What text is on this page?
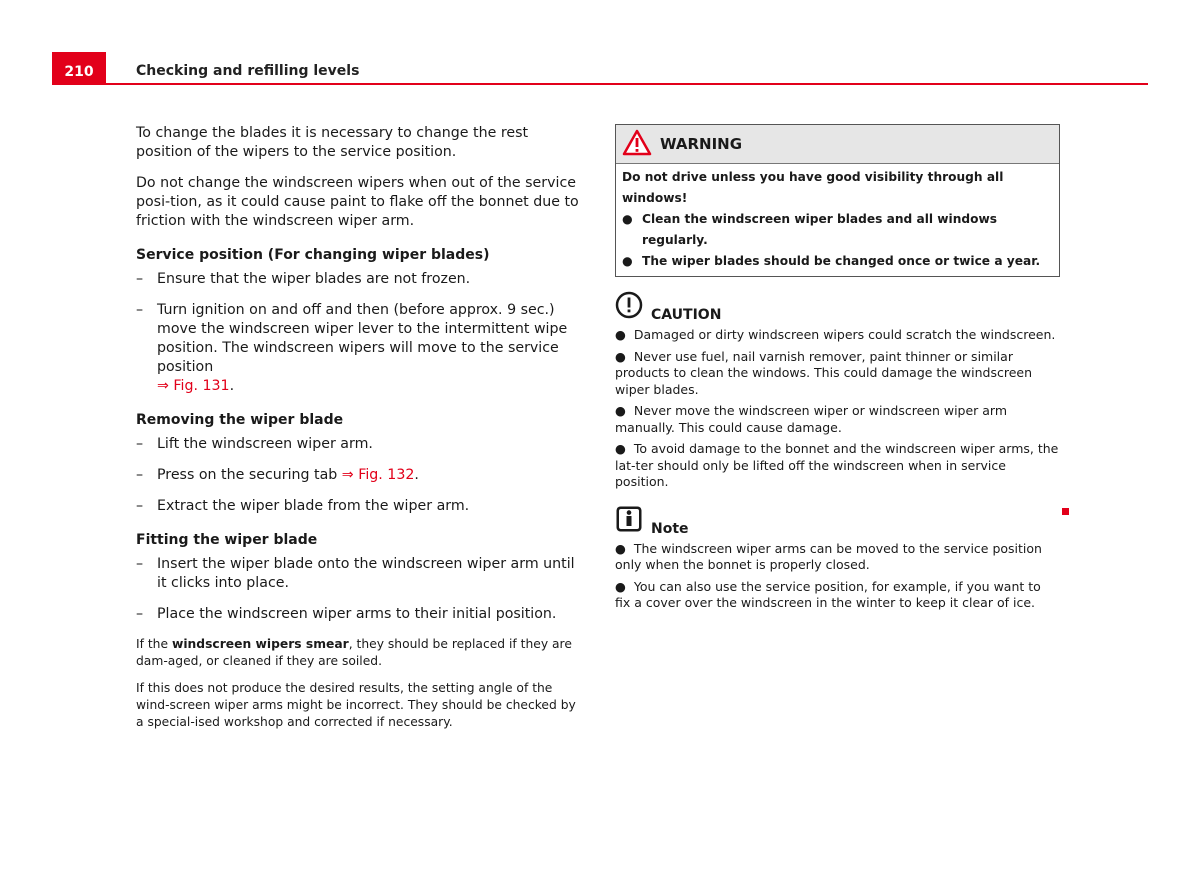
210	Checking and refilling levels

To change the blades it is necessary to change the rest position of the wipers to the service position.

Do not change the windscreen wipers when out of the service posi-tion, as it could cause paint to flake off the bonnet due to friction with the windscreen wiper arm.

Service position (For changing wiper blades)
– Ensure that the wiper blades are not frozen.
– Turn ignition on and off and then (before approx. 9 sec.) move the windscreen wiper lever to the intermittent wipe position. The windscreen wipers will move to the service position
⇒ Fig. 131.
Removing the wiper blade
– Lift the windscreen wiper arm.
– Press on the securing tab ⇒ Fig. 132.
– Extract the wiper blade from the wiper arm.
Fitting the wiper blade
– Insert the wiper blade onto the windscreen wiper arm until it clicks into place.
– Place the windscreen wiper arms to their initial position.

If the windscreen wipers smear, they should be replaced if they are dam-aged, or cleaned if they are soiled.

If this does not produce the desired results, the setting angle of the wind-screen wiper arms might be incorrect. They should be checked by a special-ised workshop and corrected if necessary.

WARNING
Do not drive unless you have good visibility through all windows!
● Clean the windscreen wiper blades and all windows regularly.
● The wiper blades should be changed once or twice a year.
CAUTION
● Damaged or dirty windscreen wipers could scratch the windscreen.
● Never use fuel, nail varnish remover, paint thinner or similar products to clean the windows. This could damage the windscreen wiper blades.
● Never move the windscreen wiper or windscreen wiper arm manually. This could cause damage.
● To avoid damage to the bonnet and the windscreen wiper arms, the lat-ter should only be lifted off the windscreen when in service position.
Note
● The windscreen wiper arms can be moved to the service position only when the bonnet is properly closed.
● You can also use the service position, for example, if you want to fix a cover over the windscreen in the winter to keep it clear of ice.
